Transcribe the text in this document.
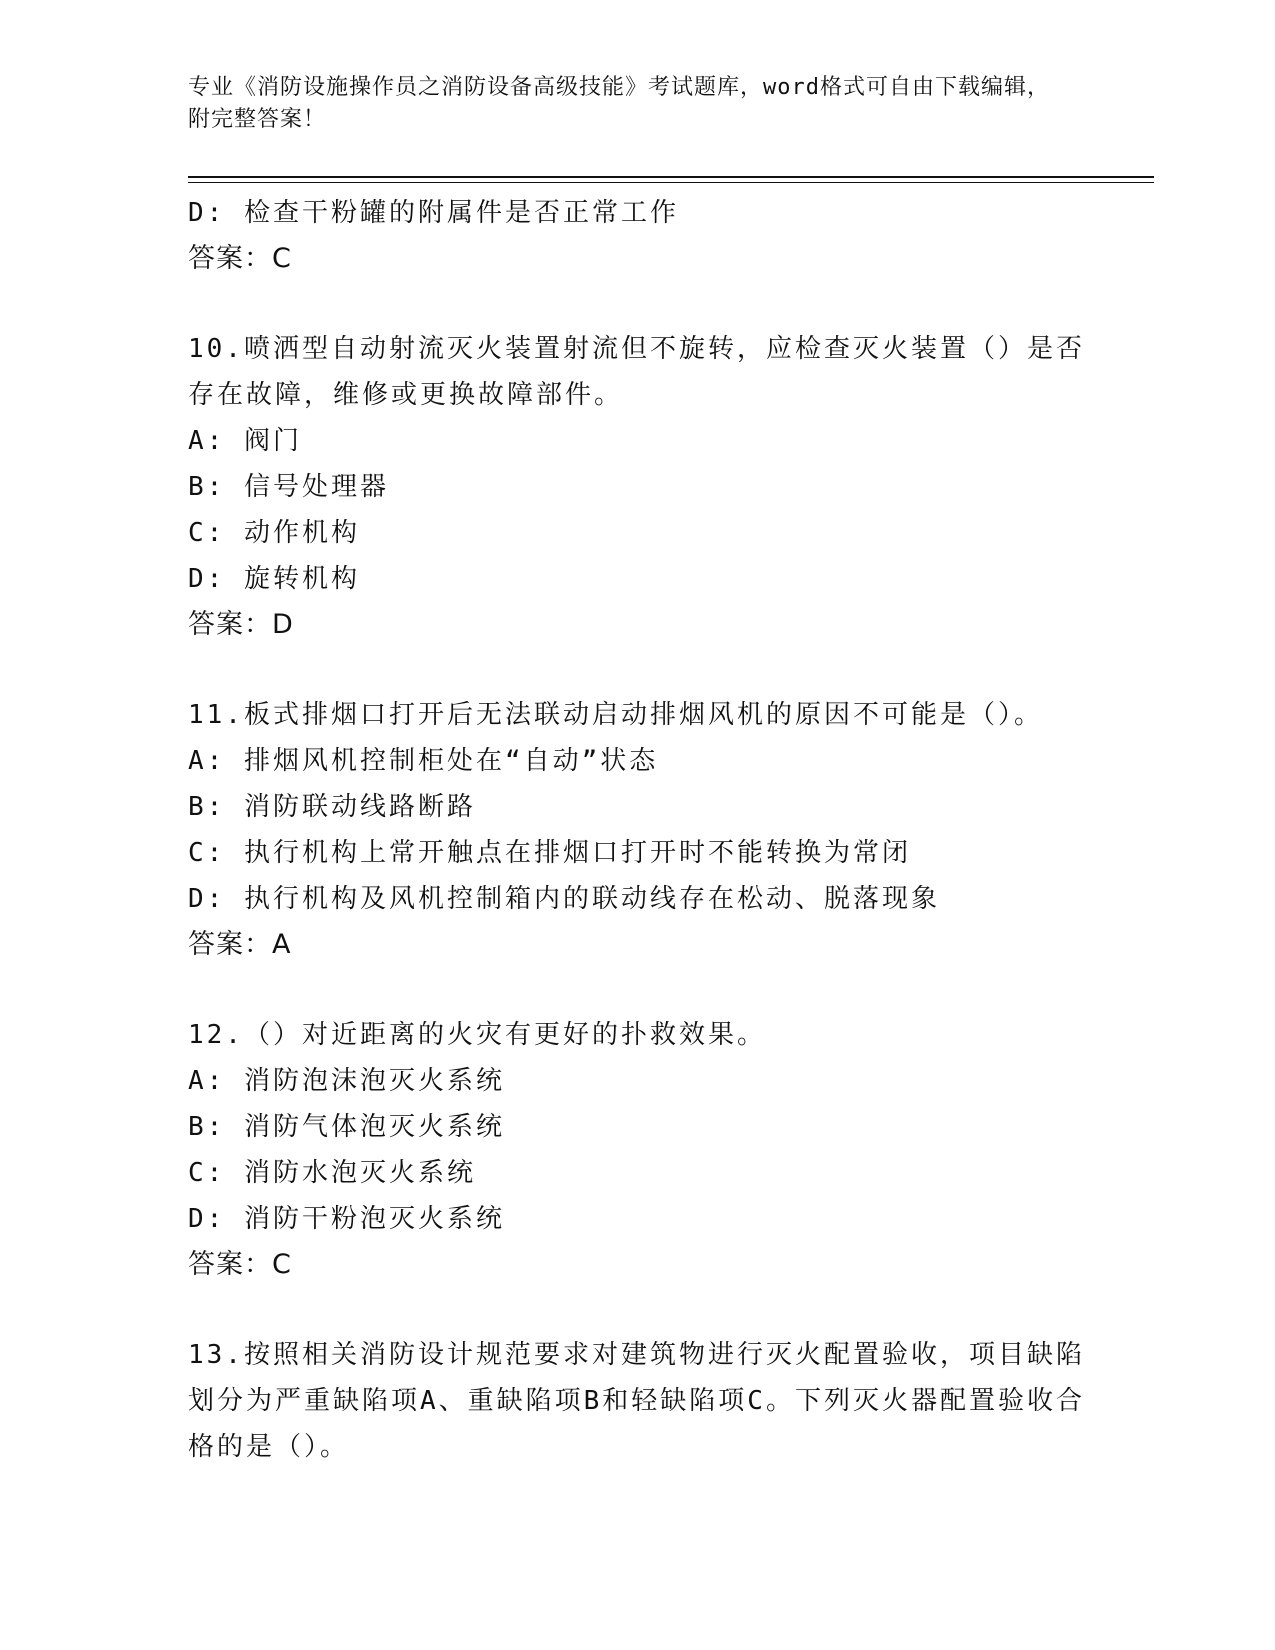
专业《消防设施操作员之消防设备高级技能》考试题库，word格式可自由下载编辑，附完整答案！
D: 检查干粉罐的附属件是否正常工作
答案：C
10.喷洒型自动射流灭火装置射流但不旋转，应检查灭火装置（）是否存在故障，维修或更换故障部件。
A: 阀门
B: 信号处理器
C: 动作机构
D: 旋转机构
答案：D
11.板式排烟口打开后无法联动启动排烟风机的原因不可能是（）。
A: 排烟风机控制柜处在“自动”状态
B: 消防联动线路断路
C: 执行机构上常开触点在排烟口打开时不能转换为常闭
D: 执行机构及风机控制箱内的联动线存在松动、脱落现象
答案：A
12.（）对近距离的火灾有更好的扑救效果。
A: 消防泡沫泡灭火系统
B: 消防气体泡灭火系统
C: 消防水泡灭火系统
D: 消防干粉泡灭火系统
答案：C
13.按照相关消防设计规范要求对建筑物进行灭火配置验收，项目缺陷划分为严重缺陷项A、重缺陷项B和轻缺陷项C。下列灭火器配置验收合格的是（）。
